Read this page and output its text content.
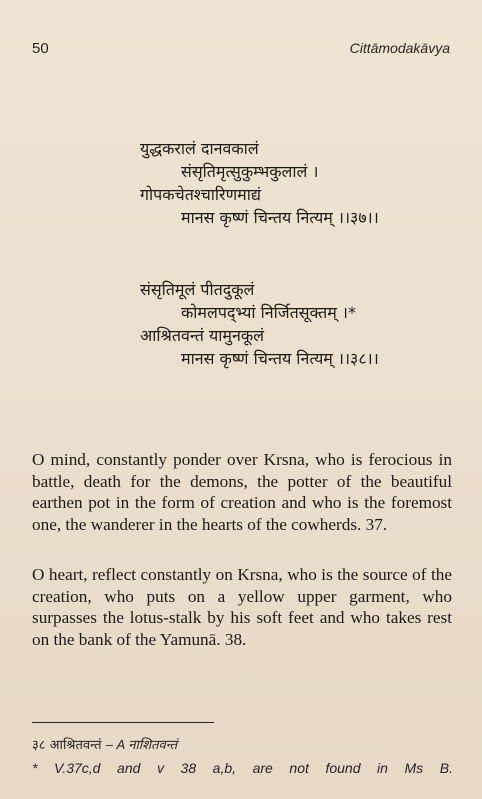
50	Cittāmodakāvya
युद्धकरालं दानवकालं
संसृतिमृत्सुकुम्भकुलालं ।
गोपकचेतश्चारिणमाद्यं
मानस कृष्णं चिन्तय नित्यम् ।।३७।।
संसृतिमूलं पीतदुकूलं
कोमलपद्भ्यां निर्जितसूक्तम् ।*
आश्रितवन्तं यामुनकूलं
मानस कृष्णं चिन्तय नित्यम् ।।३८।।
O mind, constantly ponder over Krsna, who is ferocious in battle, death for the demons, the potter of the beautiful earthen pot in the form of creation and who is the foremost one, the wanderer in the hearts of the cowherds. 37.
O heart, reflect constantly on Krsna, who is the source of the creation, who puts on a yellow upper garment, who surpasses the lotus-stalk by his soft feet and who takes rest on the bank of the Yamunā. 38.
३८ आश्रितवन्तं – A नाशितवन्तं
* V.37c,d and v 38 a,b, are not found in Ms B.
